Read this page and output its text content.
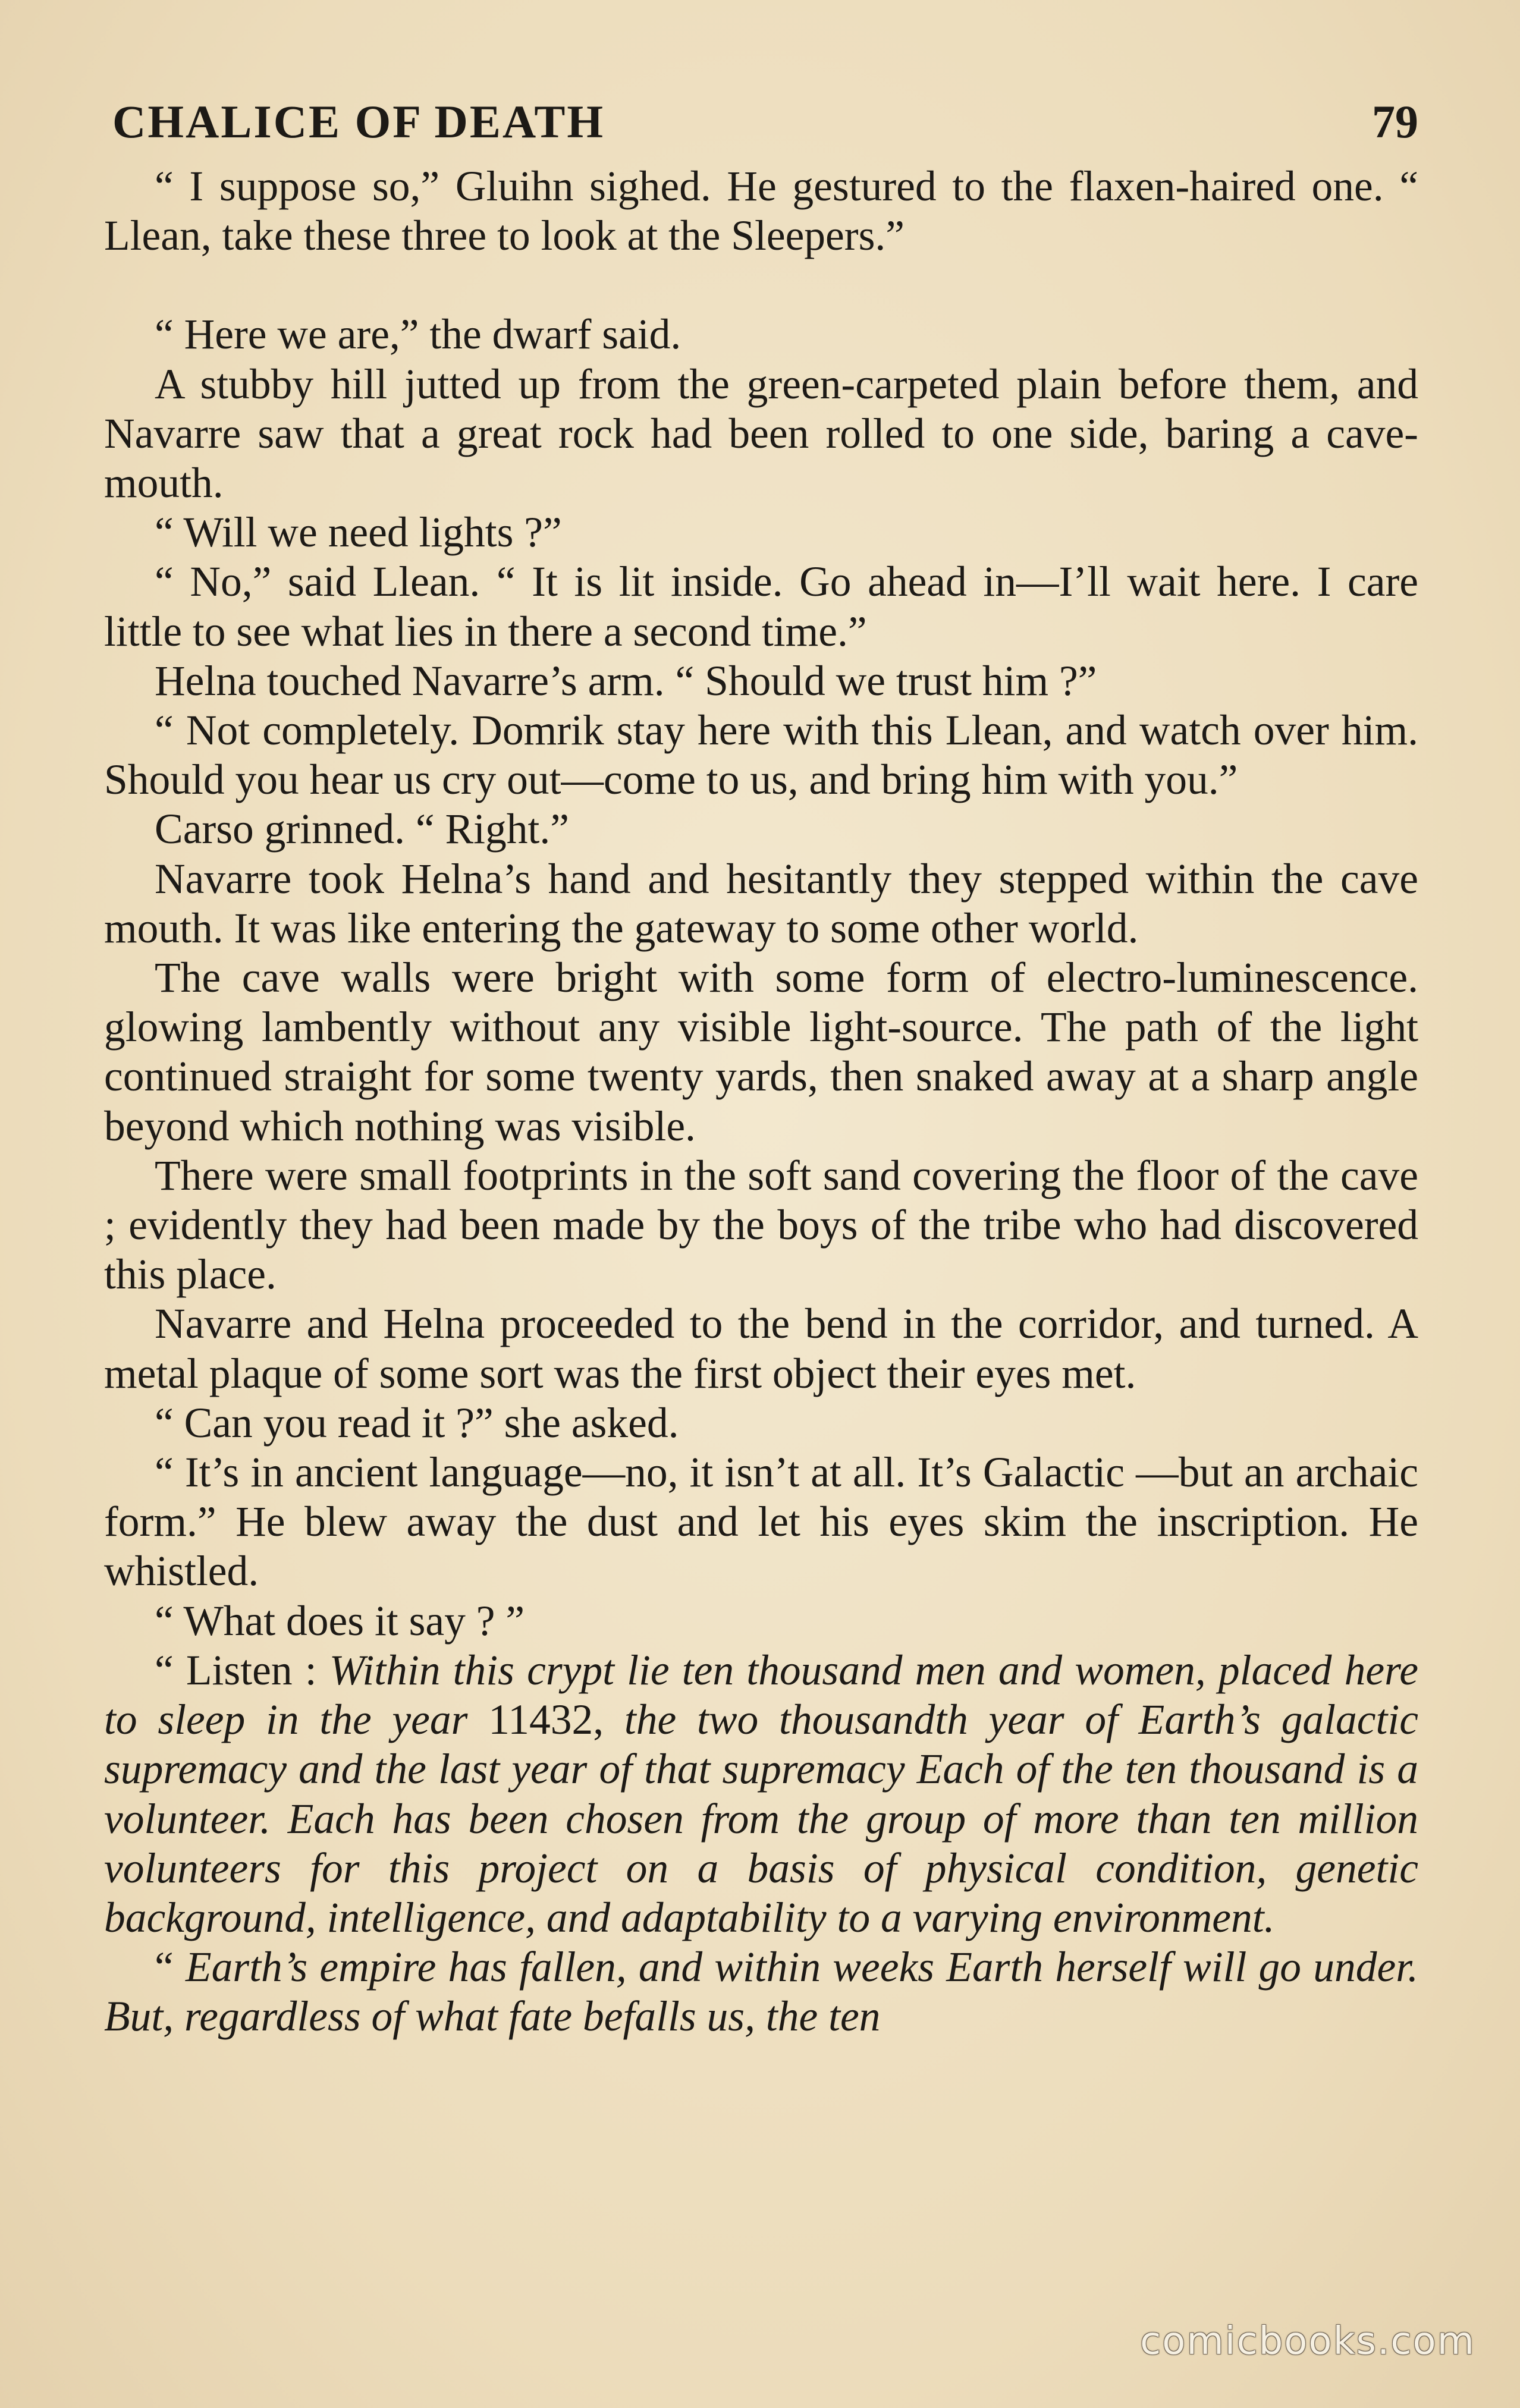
CHALICE OF DEATH	79

“ I suppose so,” Gluihn sighed. He gestured to the flaxen-haired one. “ Llean, take these three to look at the Sleepers.”

“ Here we are,” the dwarf said.

A stubby hill jutted up from the green-carpeted plain before them, and Navarre saw that a great rock had been rolled to one side, baring a cave-mouth.

“ Will we need lights ?”

“ No,” said Llean. “ It is lit inside. Go ahead in—I’ll wait here. I care little to see what lies in there a second time.”

Helna touched Navarre’s arm. “ Should we trust him ?”

“ Not completely. Domrik stay here with this Llean, and watch over him. Should you hear us cry out—come to us, and bring him with you.”

Carso grinned. “ Right.”

Navarre took Helna’s hand and hesitantly they stepped within the cave mouth. It was like entering the gateway to some other world.

The cave walls were bright with some form of electro-luminescence. glowing lambently without any visible light-source. The path of the light continued straight for some twenty yards, then snaked away at a sharp angle beyond which nothing was visible.

There were small footprints in the soft sand covering the floor of the cave ; evidently they had been made by the boys of the tribe who had discovered this place.

Navarre and Helna proceeded to the bend in the corridor, and turned. A metal plaque of some sort was the first object their eyes met.

“ Can you read it ?” she asked.

“ It’s in ancient language—no, it isn’t at all. It’s Galactic —but an archaic form.” He blew away the dust and let his eyes skim the inscription. He whistled.

“ What does it say ? ”

“ Listen : Within this crypt lie ten thousand men and women, placed here to sleep in the year 11432, the two thousandth year of Earth’s galactic supremacy and the last year of that supremacy Each of the ten thousand is a volunteer. Each has been chosen from the group of more than ten million volunteers for this project on a basis of physical condition, genetic background, intelligence, and adaptability to a varying environment.

“ Earth’s empire has fallen, and within weeks Earth herself will go under. But, regardless of what fate befalls us, the ten

comicbooks.com
